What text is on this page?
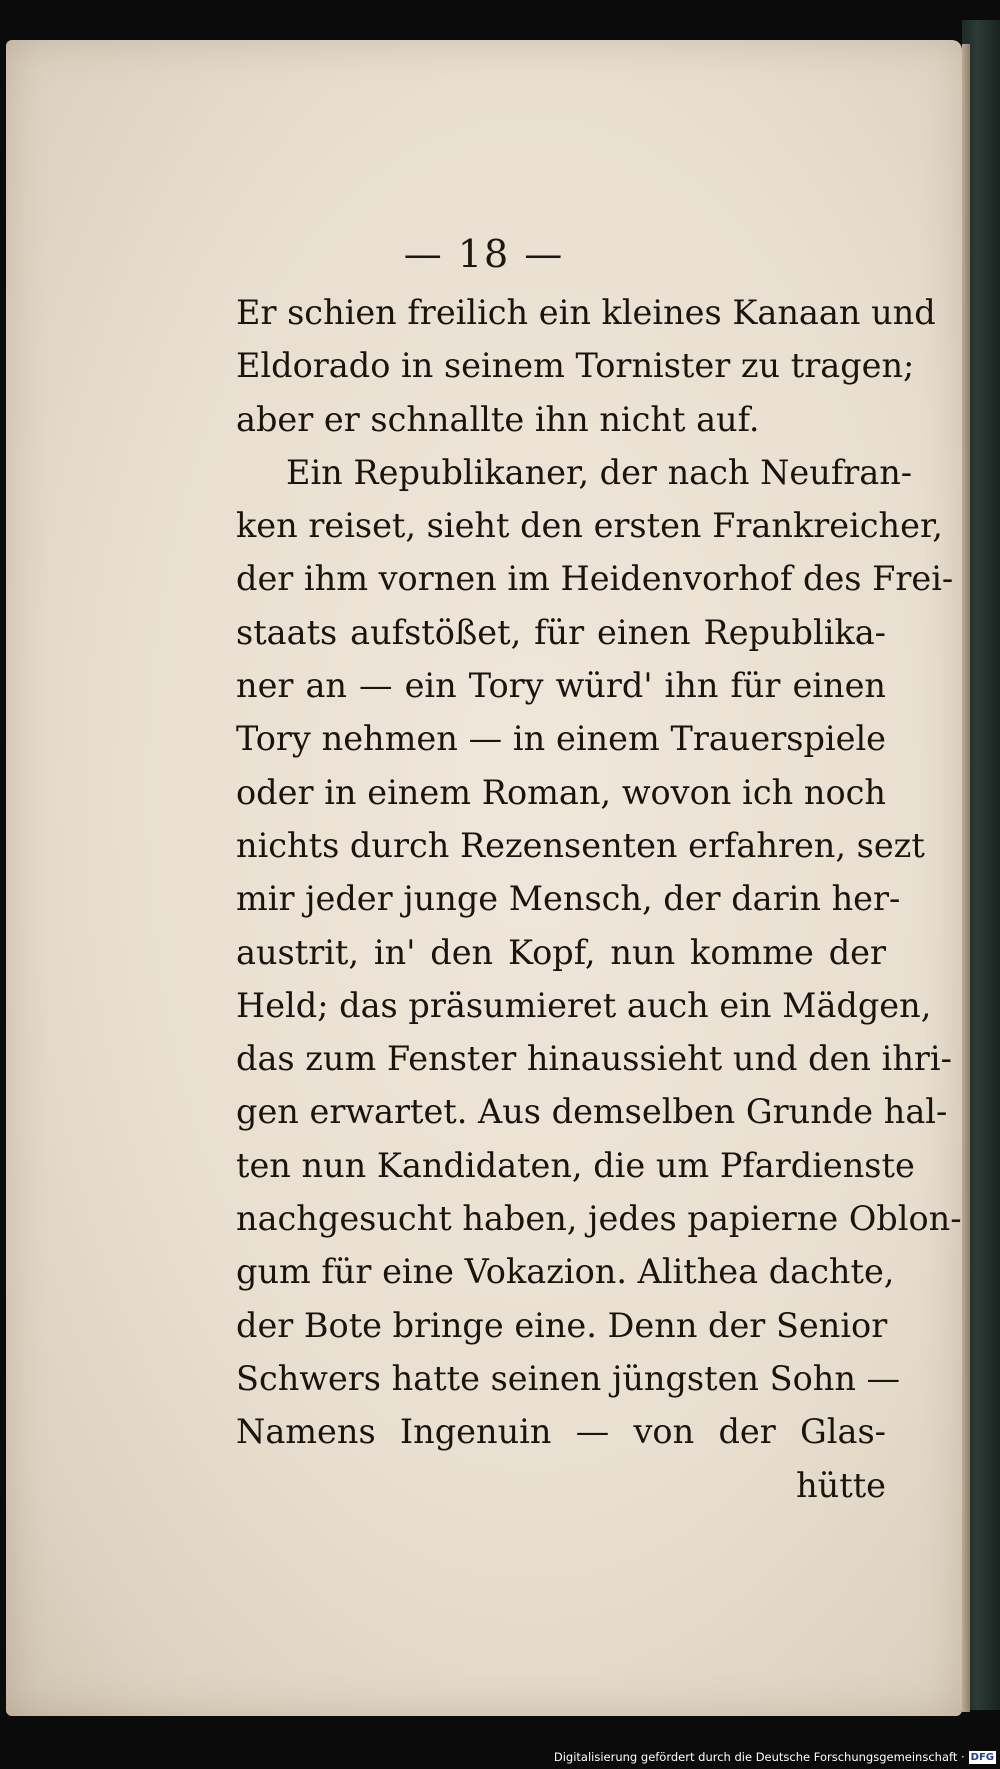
— 18 —
Er schien freilich ein kleines Kanaan und
Eldorado in seinem Tornister zu tragen;
aber er schnallte ihn nicht auf.
Ein Republikaner, der nach Neufran-
ken reiset, sieht den ersten Frankreicher,
der ihm vornen im Heidenvorhof des Frei-
staats aufstößet, für einen Republika-
ner an — ein Tory würd' ihn für einen
Tory nehmen — in einem Trauerspiele
oder in einem Roman, wovon ich noch
nichts durch Rezensenten erfahren, sezt
mir jeder junge Mensch, der darin her-
austrit, in' den Kopf, nun komme der
Held; das präsumieret auch ein Mädgen,
das zum Fenster hinaussieht und den ihri-
gen erwartet. Aus demselben Grunde hal-
ten nun Kandidaten, die um Pfardienste
nachgesucht haben, jedes papierne Oblon-
gum für eine Vokazion. Alithea dachte,
der Bote bringe eine. Denn der Senior
Schwers hatte seinen jüngsten Sohn —
Namens Ingenuin — von der Glas-
hütte
Digitalisierung gefördert durch die Deutsche Forschungsgemeinschaft · DFG
